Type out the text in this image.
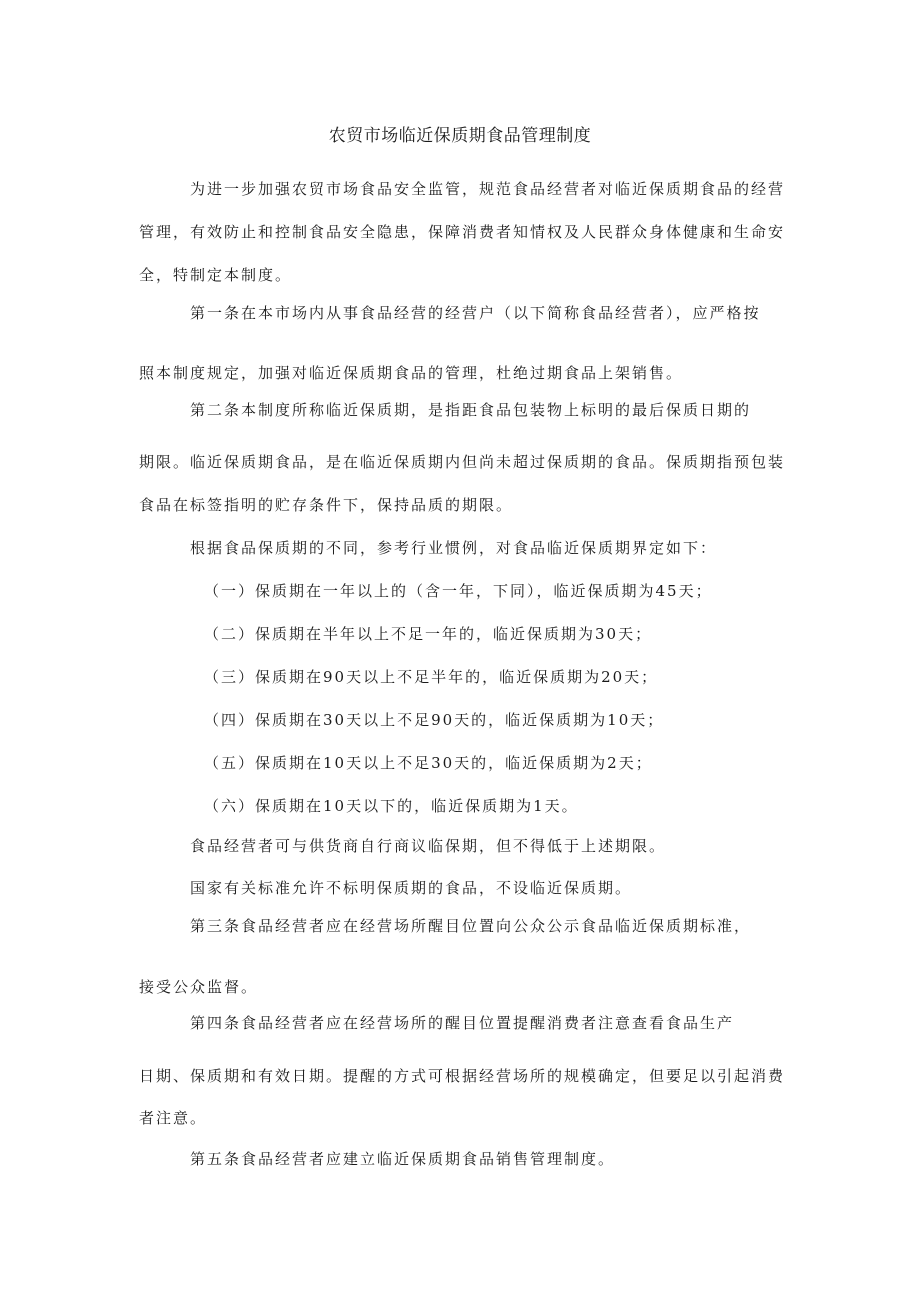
农贸市场临近保质期食品管理制度
为进一步加强农贸市场食品安全监管，规范食品经营者对临近保质期食品的经营
管理，有效防止和控制食品安全隐患，保障消费者知情权及人民群众身体健康和生命安
全，特制定本制度。
第一条在本市场内从事食品经营的经营户（以下简称食品经营者），应严格按
照本制度规定，加强对临近保质期食品的管理，杜绝过期食品上架销售。
第二条本制度所称临近保质期，是指距食品包装物上标明的最后保质日期的
期限。临近保质期食品，是在临近保质期内但尚未超过保质期的食品。保质期指预包装
食品在标签指明的贮存条件下，保持品质的期限。
根据食品保质期的不同，参考行业惯例，对食品临近保质期界定如下：
（一）保质期在一年以上的（含一年，下同），临近保质期为45天；
（二）保质期在半年以上不足一年的，临近保质期为30天；
（三）保质期在90天以上不足半年的，临近保质期为20天；
（四）保质期在30天以上不足90天的，临近保质期为10天；
（五）保质期在10天以上不足30天的，临近保质期为2天；
（六）保质期在10天以下的，临近保质期为1天。
食品经营者可与供货商自行商议临保期，但不得低于上述期限。
国家有关标准允许不标明保质期的食品，不设临近保质期。
第三条食品经营者应在经营场所醒目位置向公众公示食品临近保质期标准，
接受公众监督。
第四条食品经营者应在经营场所的醒目位置提醒消费者注意查看食品生产
日期、保质期和有效日期。提醒的方式可根据经营场所的规模确定，但要足以引起消费
者注意。
第五条食品经营者应建立临近保质期食品销售管理制度。
